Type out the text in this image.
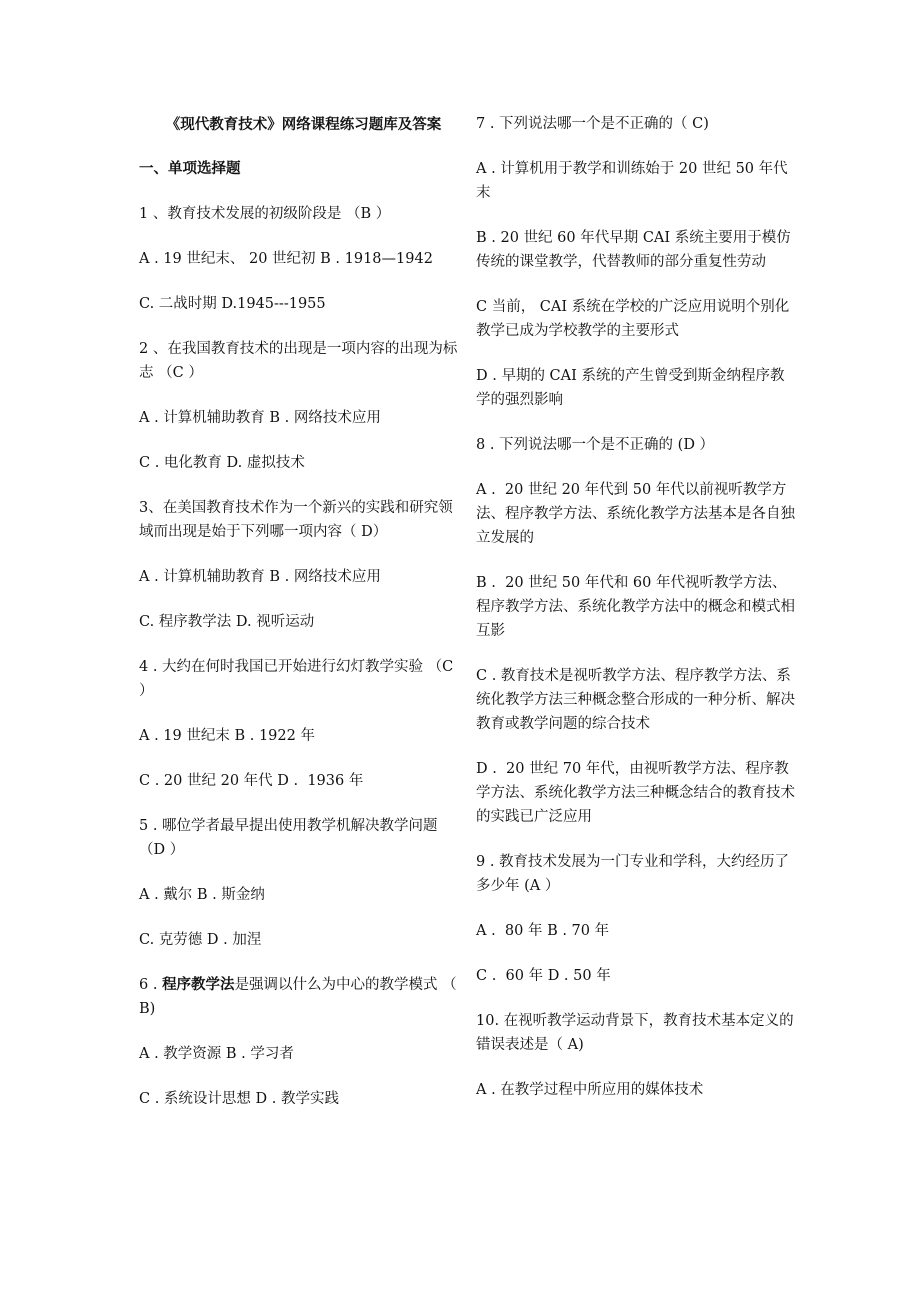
《现代教育技术》网络课程练习题库及答案
一、单项选择题
1 、教育技术发展的初级阶段是 （B ）
A . 19 世纪末、 20 世纪初 B . 1918—1942
C. 二战时期 D.1945---1955
2 、在我国教育技术的出现是一项内容的出现为标志 （C ）
A . 计算机辅助教育 B . 网络技术应用
C . 电化教育 D. 虚拟技术
3、在美国教育技术作为一个新兴的实践和研究领域而出现是始于下列哪一项内容（ D）
A . 计算机辅助教育 B . 网络技术应用
C. 程序教学法 D. 视听运动
4 . 大约在何时我国已开始进行幻灯教学实验 （C ）
A . 19 世纪末 B . 1922 年
C . 20 世纪 20 年代 D .  1936 年
5 . 哪位学者最早提出使用教学机解决教学问题 （D ）
A . 戴尔 B . 斯金纳
C. 克劳德 D . 加涅
6 . 程序教学法是强调以什么为中心的教学模式 （ B)
A . 教学资源 B . 学习者
C . 系统设计思想 D . 教学实践
7 . 下列说法哪一个是不正确的（ C)
A . 计算机用于教学和训练始于 20 世纪 50 年代末
B . 20 世纪 60 年代早期 CAI 系统主要用于模仿传统的课堂教学，代替教师的部分重复性劳动
C 当前， CAI 系统在学校的广泛应用说明个别化教学已成为学校教学的主要形式
D . 早期的 CAI 系统的产生曾受到斯金纳程序教学的强烈影响
8 . 下列说法哪一个是不正确的 (D ）
A .  20 世纪 20 年代到 50 年代以前视听教学方法、程序教学方法、系统化教学方法基本是各自独立发展的
B .  20 世纪 50 年代和 60 年代视听教学方法、程序教学方法、系统化教学方法中的概念和模式相互影
C . 教育技术是视听教学方法、程序教学方法、系统化教学方法三种概念整合形成的一种分析、解决教育或教学问题的综合技术
D .  20 世纪 70 年代，由视听教学方法、程序教学方法、系统化教学方法三种概念结合的教育技术的实践已广泛应用
9 . 教育技术发展为一门专业和学科，大约经历了多少年 (A ）
A .  80 年 B . 70 年
C .  60 年 D . 50 年
10. 在视听教学运动背景下，教育技术基本定义的错误表述是（ A)
A . 在教学过程中所应用的媒体技术
